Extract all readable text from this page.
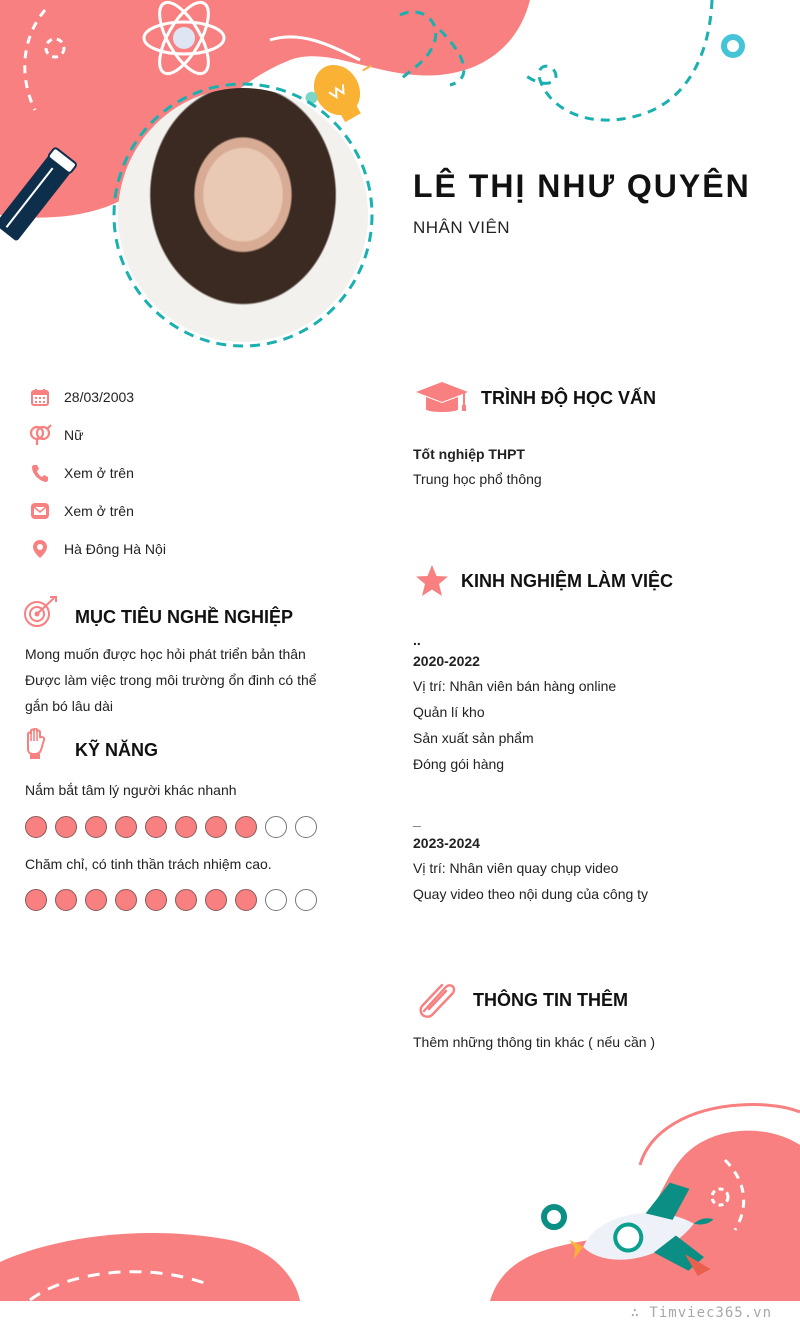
LÊ THỊ NHƯ QUYÊN
NHÂN VIÊN
28/03/2003
Nữ
Xem ở trên
Xem ở trên
Hà Đông Hà Nội
MỤC TIÊU NGHỀ NGHIỆP
Mong muốn được học hỏi phát triển bản thân
Được làm việc trong môi trường ổn đinh có thể
gắn bó lâu dài
KỸ NĂNG
Nắm bắt tâm lý người khác nhanh
Chăm chỉ, có tinh thần trách nhiệm cao.
TRÌNH ĐỘ HỌC VẤN
Tốt nghiệp THPT
Trung học phổ thông
KINH NGHIỆM LÀM VIỆC
..
2020-2022
Vị trí: Nhân viên bán hàng online
Quản lí kho
Sản xuất sản phẩm
Đóng gói hàng
_
2023-2024
Vị trí: Nhân viên quay chụp video
Quay video theo nội dung của công ty
THÔNG TIN THÊM
Thêm những thông tin khác ( nếu cần )
∴ Timviec365.vn
